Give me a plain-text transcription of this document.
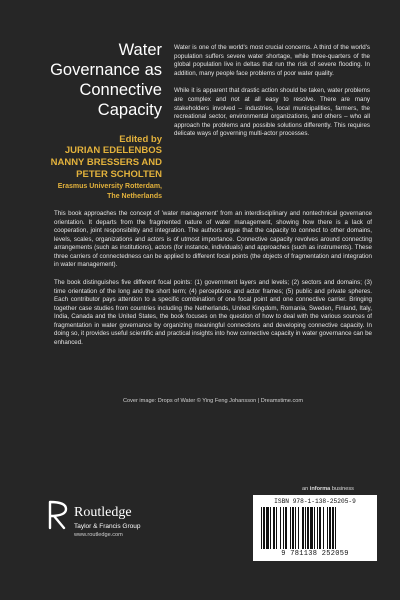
Water
Governance as
Connective
Capacity
Edited by
JURIAN EDELENBOS
NANNY BRESSERS AND
PETER SCHOLTEN
Erasmus University Rotterdam,
The Netherlands

Water is one of the world's most crucial concerns. A third of the world's population suffers severe water shortage, while three-quarters of the global population live in deltas that run the risk of severe flooding. In addition, many people face problems of poor water quality.

While it is apparent that drastic action should be taken, water problems are complex and not at all easy to resolve. There are many stakeholders involved – industries, local municipalities, farmers, the recreational sector, environmental organizations, and others – who all approach the problems and possible solutions differently. This requires delicate ways of governing multi-actor processes.

This book approaches the concept of 'water management' from an interdisciplinary and nontechnical governance orientation. It departs from the fragmented nature of water management, showing how there is a lack of cooperation, joint responsibility and integration. The authors argue that the capacity to connect to other domains, levels, scales, organizations and actors is of utmost importance. Connective capacity revolves around connecting arrangements (such as institutions), actors (for instance, individuals) and approaches (such as instruments). These three carriers of connectedness can be applied to different focal points (the objects of fragmentation and integration in water management).

The book distinguishes five different focal points: (1) government layers and levels; (2) sectors and domains; (3) time orientation of the long and the short term; (4) perceptions and actor frames; (5) public and private spheres. Each contributor pays attention to a specific combination of one focal point and one connective carrier. Bringing together case studies from countries including the Netherlands, United Kingdom, Romania, Sweden, Finland, Italy, India, Canada and the United States, the book focuses on the question of how to deal with the various sources of fragmentation in water governance by organizing meaningful connections and developing connective capacity. In doing so, it provides useful scientific and practical insights into how connective capacity in water governance can be enhanced.

Cover image: Drops of Water © Ying Feng Johansson | Dreamstime.com
an informa business
Routledge
Taylor & Francis Group
www.routledge.com
ISBN 978-1-138-25205-9
9 781138 252059
